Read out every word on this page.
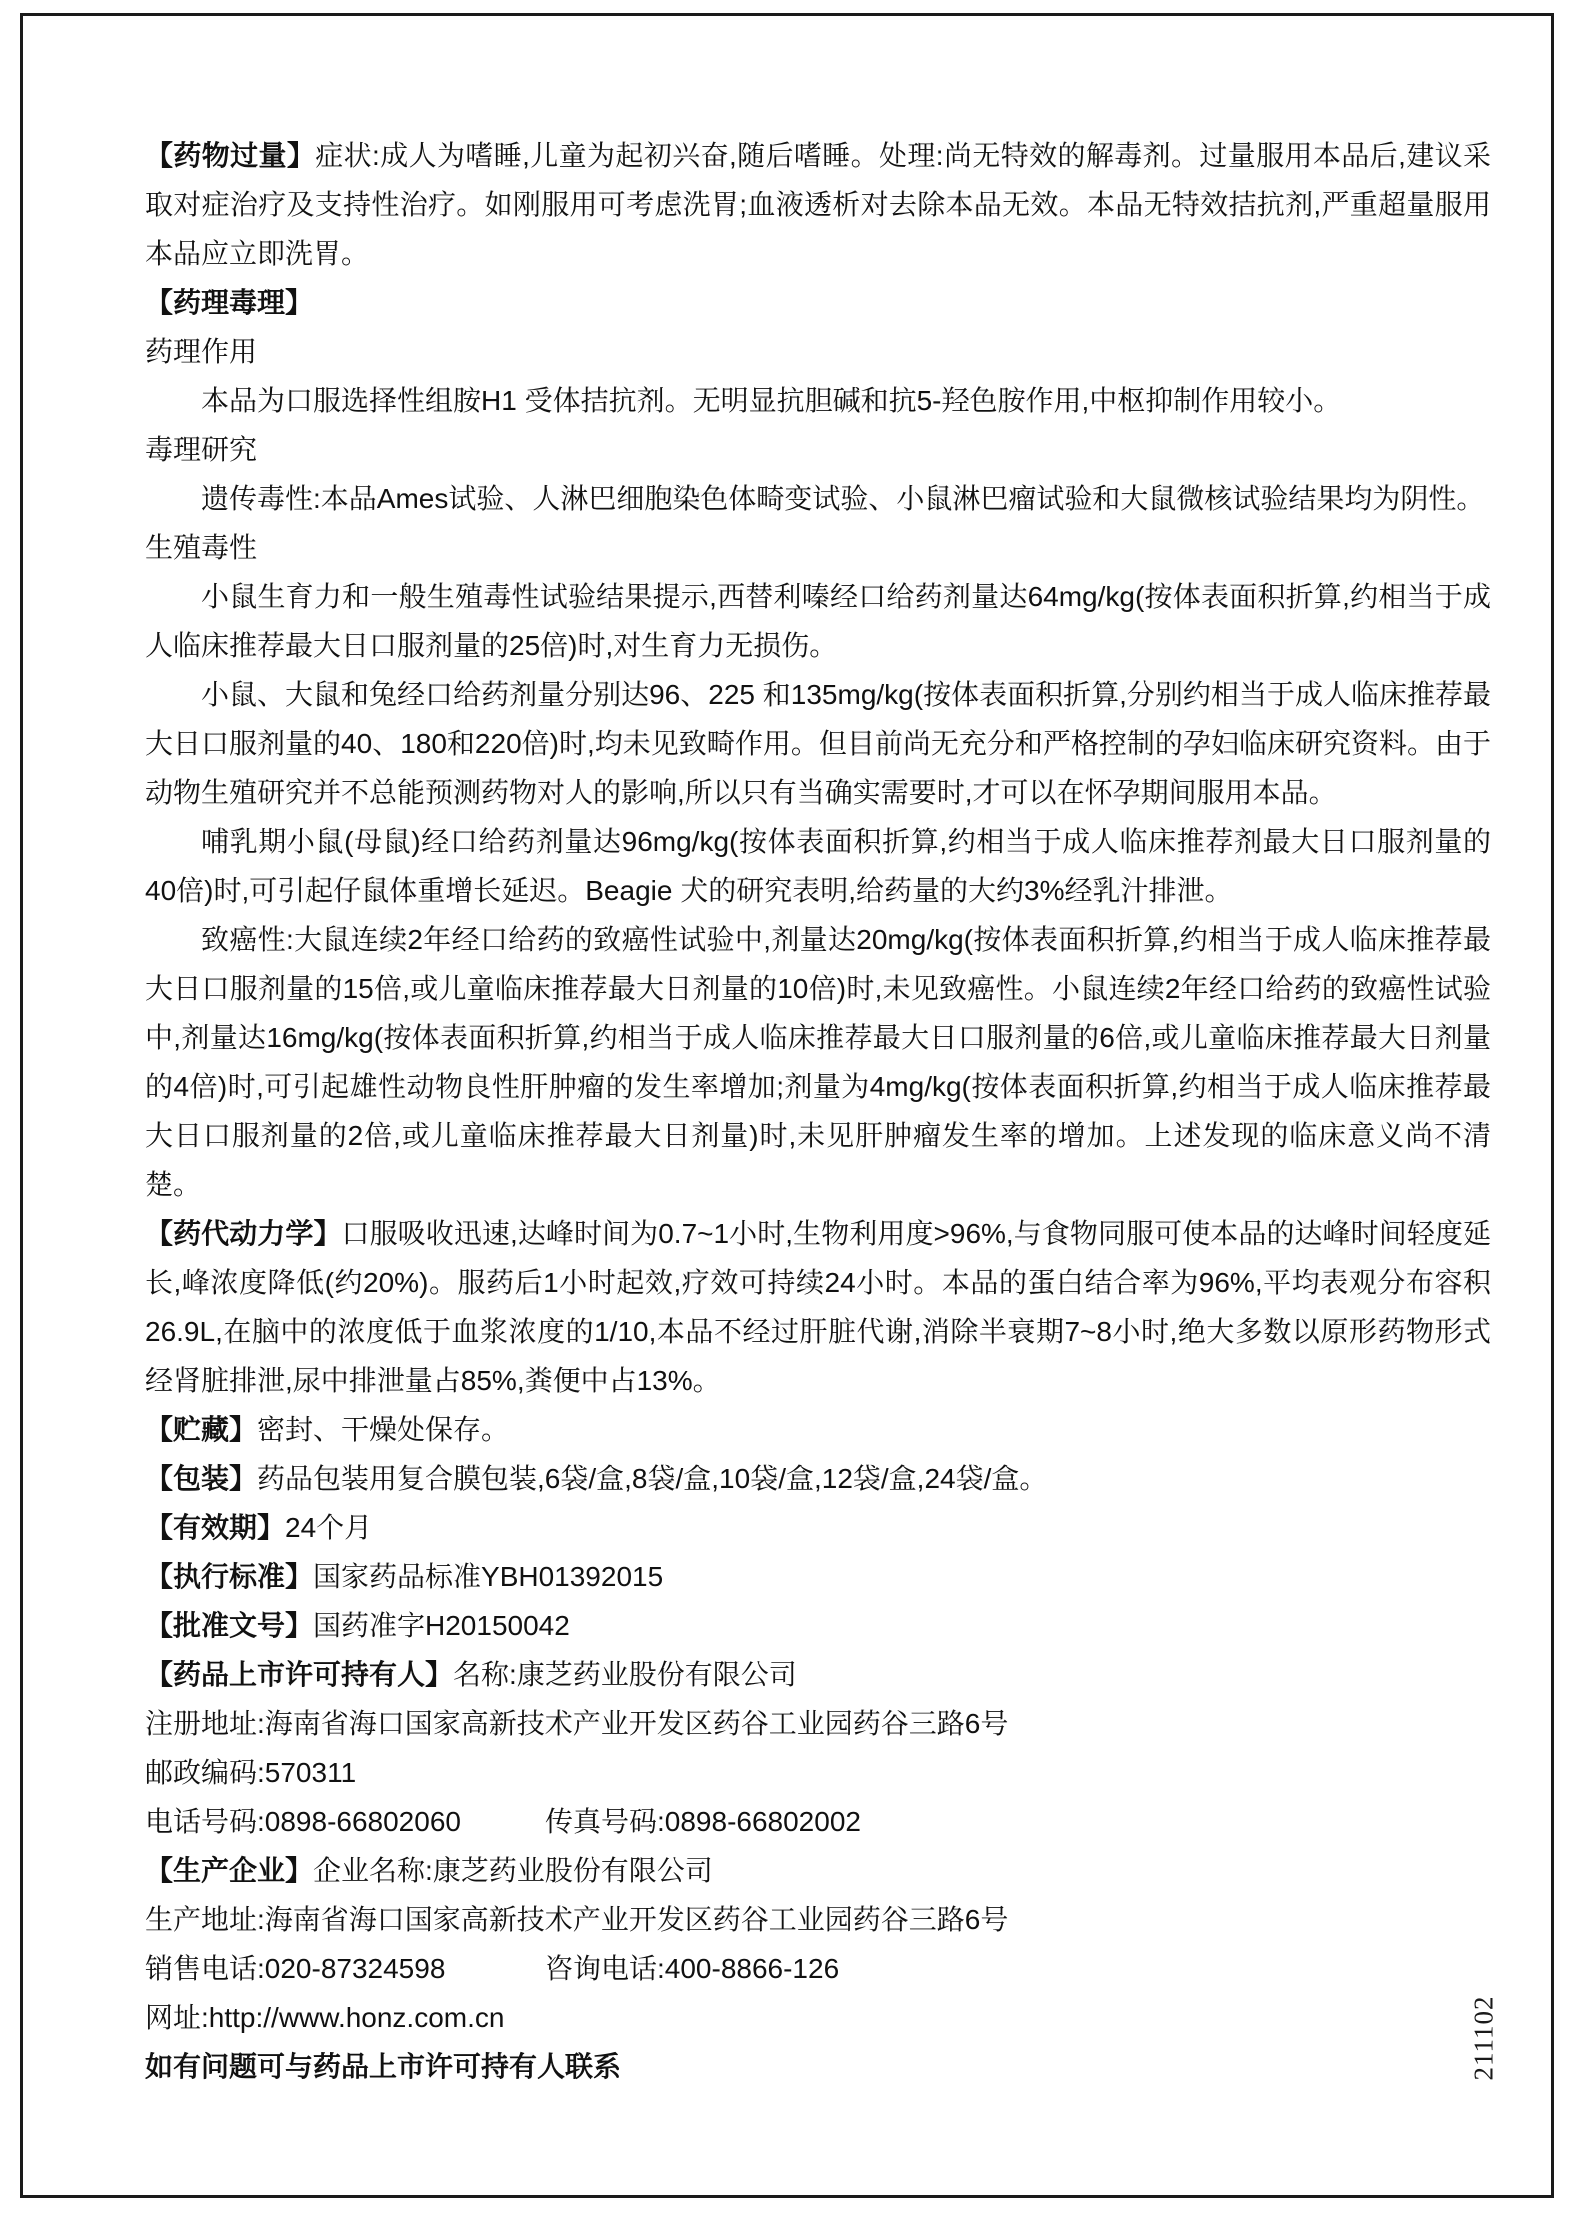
【药物过量】症状:成人为嗜睡,儿童为起初兴奋,随后嗜睡。处理:尚无特效的解毒剂。过量服用本品后,建议采取对症治疗及支持性治疗。如刚服用可考虑洗胃;血液透析对去除本品无效。本品无特效拮抗剂,严重超量服用本品应立即洗胃。

【药理毒理】

药理作用

本品为口服选择性组胺H1 受体拮抗剂。无明显抗胆碱和抗5-羟色胺作用,中枢抑制作用较小。

毒理研究

遗传毒性:本品Ames试验、人淋巴细胞染色体畸变试验、小鼠淋巴瘤试验和大鼠微核试验结果均为阴性。

生殖毒性

小鼠生育力和一般生殖毒性试验结果提示,西替利嗪经口给药剂量达64mg/kg(按体表面积折算,约相当于成人临床推荐最大日口服剂量的25倍)时,对生育力无损伤。

小鼠、大鼠和兔经口给药剂量分别达96、225 和135mg/kg(按体表面积折算,分别约相当于成人临床推荐最大日口服剂量的40、180和220倍)时,均未见致畸作用。但目前尚无充分和严格控制的孕妇临床研究资料。由于动物生殖研究并不总能预测药物对人的影响,所以只有当确实需要时,才可以在怀孕期间服用本品。

哺乳期小鼠(母鼠)经口给药剂量达96mg/kg(按体表面积折算,约相当于成人临床推荐剂最大日口服剂量的40倍)时,可引起仔鼠体重增长延迟。Beagie 犬的研究表明,给药量的大约3%经乳汁排泄。

致癌性:大鼠连续2年经口给药的致癌性试验中,剂量达20mg/kg(按体表面积折算,约相当于成人临床推荐最大日口服剂量的15倍,或儿童临床推荐最大日剂量的10倍)时,未见致癌性。小鼠连续2年经口给药的致癌性试验中,剂量达16mg/kg(按体表面积折算,约相当于成人临床推荐最大日口服剂量的6倍,或儿童临床推荐最大日剂量的4倍)时,可引起雄性动物良性肝肿瘤的发生率增加;剂量为4mg/kg(按体表面积折算,约相当于成人临床推荐最大日口服剂量的2倍,或儿童临床推荐最大日剂量)时,未见肝肿瘤发生率的增加。上述发现的临床意义尚不清楚。

【药代动力学】口服吸收迅速,达峰时间为0.7~1小时,生物利用度>96%,与食物同服可使本品的达峰时间轻度延长,峰浓度降低(约20%)。服药后1小时起效,疗效可持续24小时。本品的蛋白结合率为96%,平均表观分布容积26.9L,在脑中的浓度低于血浆浓度的1/10,本品不经过肝脏代谢,消除半衰期7~8小时,绝大多数以原形药物形式经肾脏排泄,尿中排泄量占85%,粪便中占13%。

【贮藏】密封、干燥处保存。

【包装】药品包装用复合膜包装,6袋/盒,8袋/盒,10袋/盒,12袋/盒,24袋/盒。

【有效期】24个月

【执行标准】国家药品标准YBH01392015

【批准文号】国药准字H20150042

【药品上市许可持有人】名称:康芝药业股份有限公司

注册地址:海南省海口国家高新技术产业开发区药谷工业园药谷三路6号

邮政编码:570311

电话号码:0898-66802060	传真号码:0898-66802002

【生产企业】企业名称:康芝药业股份有限公司

生产地址:海南省海口国家高新技术产业开发区药谷工业园药谷三路6号

销售电话:020-87324598	咨询电话:400-8866-126

网址:http://www.honz.com.cn

如有问题可与药品上市许可持有人联系	211102
